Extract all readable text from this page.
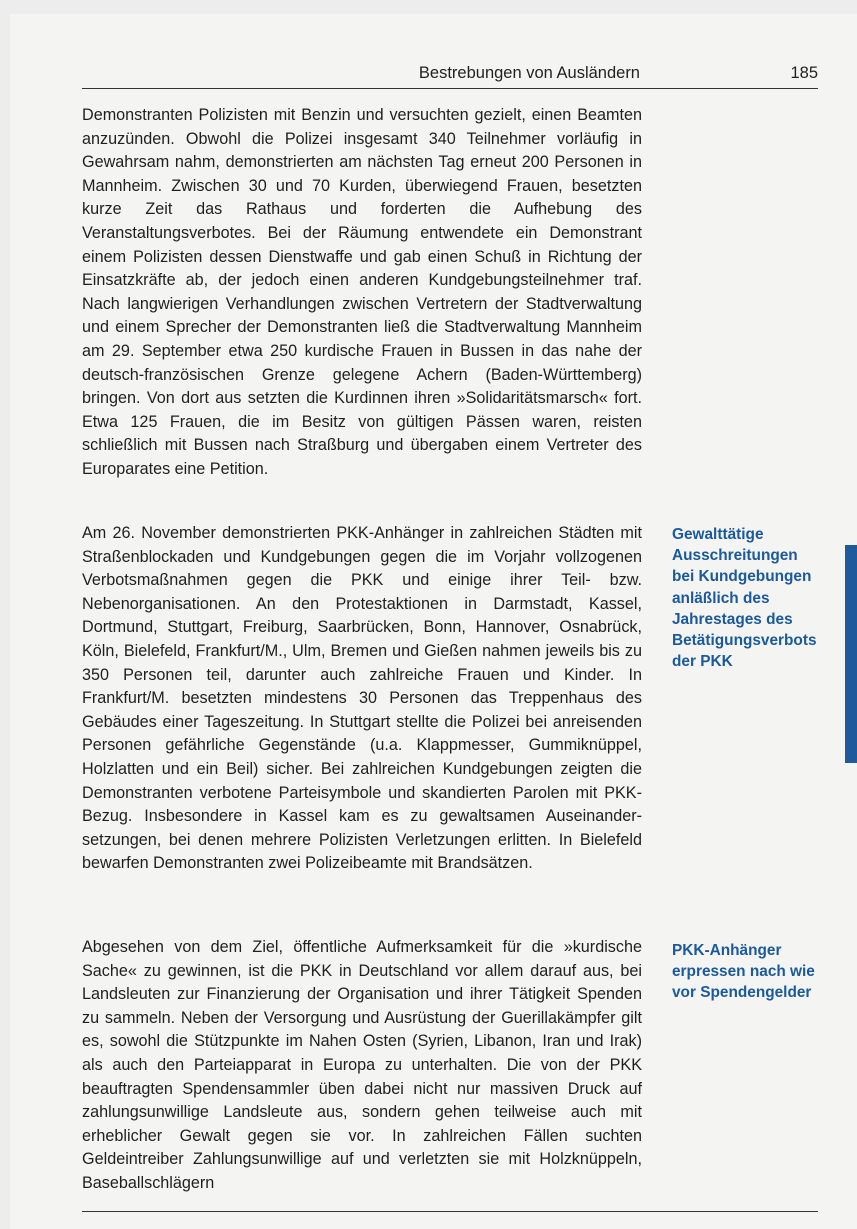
Bestrebungen von Ausländern	185

Demonstranten Polizisten mit Benzin und versuchten gezielt, einen Beamten anzuzünden. Obwohl die Polizei insgesamt 340 Teilnehmer vorläufig in Gewahrsam nahm, demonstrierten am nächsten Tag erneut 200 Personen in Mannheim. Zwischen 30 und 70 Kurden, überwiegend Frauen, besetzten kurze Zeit das Rathaus und forderten die Aufhebung des Veranstaltungsverbotes. Bei der Räumung entwendete ein Demonstrant einem Polizisten dessen Dienstwaffe und gab einen Schuß in Richtung der Einsatzkräfte ab, der jedoch einen anderen Kundgebungsteilnehmer traf. Nach langwierigen Verhandlungen zwischen Vertretern der Stadtverwaltung und einem Sprecher der Demonstranten ließ die Stadtverwaltung Mannheim am 29. September etwa 250 kurdische Frauen in Bussen in das nahe der deutsch-französischen Grenze gelegene Achern (Baden-Württemberg) bringen. Von dort aus setzten die Kurdinnen ihren »Solidaritätsmarsch« fort. Etwa 125 Frauen, die im Besitz von gültigen Pässen waren, reisten schließlich mit Bussen nach Straßburg und übergaben einem Vertreter des Europarates eine Petition.

Am 26. November demonstrierten PKK-Anhänger in zahlreichen Städten mit Straßenblockaden und Kundgebungen gegen die im Vorjahr vollzogenen Verbotsmaßnahmen gegen die PKK und einige ihrer Teil- bzw. Nebenorganisationen. An den Protestaktionen in Darmstadt, Kassel, Dortmund, Stuttgart, Freiburg, Saarbrücken, Bonn, Hannover, Osnabrück, Köln, Bielefeld, Frankfurt/M., Ulm, Bremen und Gießen nahmen jeweils bis zu 350 Personen teil, darunter auch zahlreiche Frauen und Kinder. In Frankfurt/M. besetzten mindestens 30 Personen das Treppenhaus des Gebäudes einer Tageszeitung. In Stuttgart stellte die Polizei bei anreisenden Personen gefährliche Gegenstände (u.a. Klappmesser, Gummiknüppel, Holzlatten und ein Beil) sicher. Bei zahlreichen Kundgebungen zeigten die Demonstranten verbotene Parteisymbole und skandierten Parolen mit PKK-Bezug. Insbesondere in Kassel kam es zu gewaltsamen Auseinandersetzungen, bei denen mehrere Polizisten Verletzungen erlitten. In Bielefeld bewarfen Demonstranten zwei Polizeibeamte mit Brandsätzen.

Abgesehen von dem Ziel, öffentliche Aufmerksamkeit für die »kurdische Sache« zu gewinnen, ist die PKK in Deutschland vor allem darauf aus, bei Landsleuten zur Finanzierung der Organisation und ihrer Tätigkeit Spenden zu sammeln. Neben der Versorgung und Ausrüstung der Guerillakämpfer gilt es, sowohl die Stützpunkte im Nahen Osten (Syrien, Libanon, Iran und Irak) als auch den Parteiapparat in Europa zu unterhalten. Die von der PKK beauftragten Spendensammler üben dabei nicht nur massiven Druck auf zahlungsunwillige Landsleute aus, sondern gehen teilweise auch mit erheblicher Gewalt gegen sie vor. In zahlreichen Fällen suchten Geldeintreiber Zahlungsunwillige auf und verletzten sie mit Holzknüppeln, Baseballschlägern

Gewalttätige Ausschreitungen bei Kundgebungen anläßlich des Jahrestages des Betätigungsverbots der PKK
PKK-Anhänger erpressen nach wie vor Spendengelder
